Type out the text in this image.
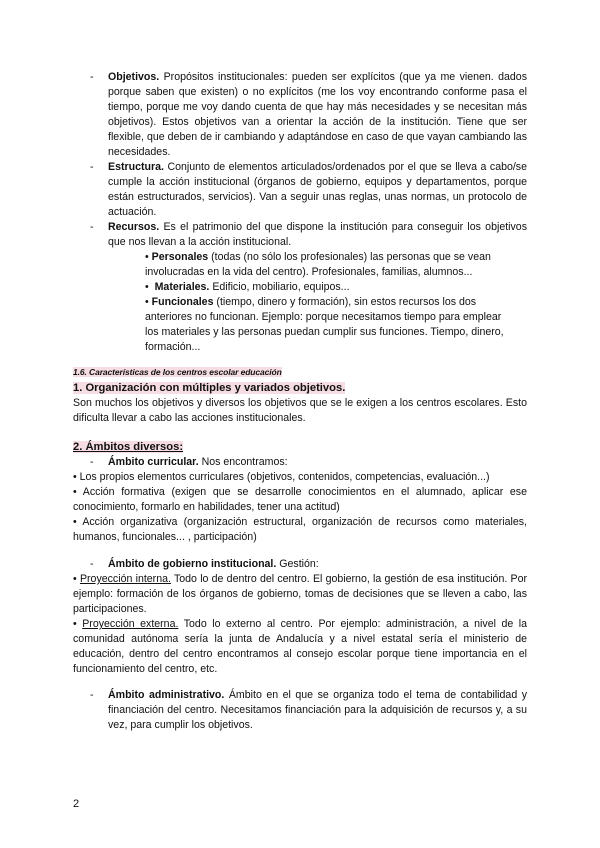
- Objetivos. Propósitos institucionales: pueden ser explícitos (que ya me vienen. dados porque saben que existen) o no explícitos (me los voy encontrando conforme pasa el tiempo, porque me voy dando cuenta de que hay más necesidades y se necesitan más objetivos). Estos objetivos van a orientar la acción de la institución. Tiene que ser flexible, que deben de ir cambiando y adaptándose en caso de que vayan cambiando las necesidades.
- Estructura. Conjunto de elementos articulados/ordenados por el que se lleva a cabo/se cumple la acción institucional (órganos de gobierno, equipos y departamentos, porque están estructurados, servicios). Van a seguir unas reglas, unas normas, un protocolo de actuación.
- Recursos. Es el patrimonio del que dispone la institución para conseguir los objetivos que nos llevan a la acción institucional.
• Personales (todas (no sólo los profesionales) las personas que se vean involucradas en la vida del centro). Profesionales, familias, alumnos...
•  Materiales. Edificio, mobiliario, equipos...
• Funcionales (tiempo, dinero y formación), sin estos recursos los dos anteriores no funcionan. Ejemplo: porque necesitamos tiempo para emplear los materiales y las personas puedan cumplir sus funciones. Tiempo, dinero, formación...
1.6. Características de los centros escolar educación
1. Organización con múltiples y variados objetivos.
Son muchos los objetivos y diversos los objetivos que se le exigen a los centros escolares. Esto dificulta llevar a cabo las acciones institucionales.
2. Ámbitos diversos:
- Ámbito curricular. Nos encontramos:
• Los propios elementos curriculares (objetivos, contenidos, competencias, evaluación...)
• Acción formativa (exigen que se desarrolle conocimientos en el alumnado, aplicar ese conocimiento, formarlo en habilidades, tener una actitud)
• Acción organizativa (organización estructural, organización de recursos como materiales, humanos, funcionales... , participación)
- Ámbito de gobierno institucional. Gestión:
• Proyección interna. Todo lo de dentro del centro. El gobierno, la gestión de esa institución. Por ejemplo: formación de los órganos de gobierno, tomas de decisiones que se lleven a cabo, las participaciones.
• Proyección externa. Todo lo externo al centro. Por ejemplo: administración, a nivel de la comunidad autónoma sería la junta de Andalucía y a nivel estatal sería el ministerio de educación, dentro del centro encontramos al consejo escolar porque tiene importancia en el funcionamiento del centro, etc.
- Ámbito administrativo. Ámbito en el que se organiza todo el tema de contabilidad y financiación del centro. Necesitamos financiación para la adquisición de recursos y, a su vez, para cumplir los objetivos.
2
